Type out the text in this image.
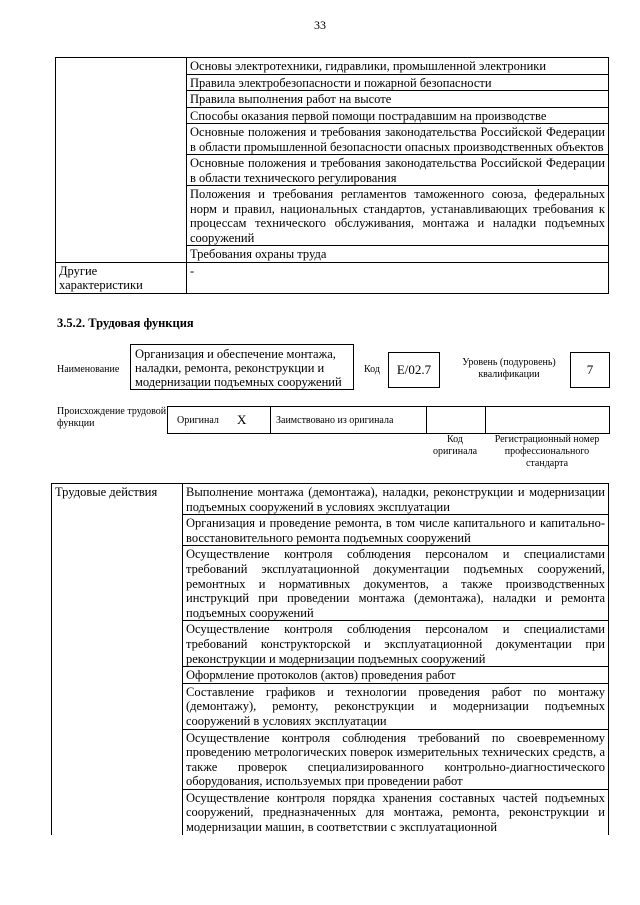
33
	Основы электротехники, гидравлики, промышленной электроники
	Правила электробезопасности и пожарной безопасности
	Правила выполнения работ на высоте
	Способы оказания первой помощи пострадавшим на производстве
	Основные положения и требования законодательства Российской Федерации в области промышленной безопасности опасных производственных объектов
	Основные положения и требования законодательства Российской Федерации в области технического регулирования
	Положения и требования регламентов таможенного союза, федеральных норм и правил, национальных стандартов, устанавливающих требования к процессам технического обслуживания, монтажа и наладки подъемных сооружений
	Требования охраны труда
Другие характеристики	-
3.5.2. Трудовая функция
Наименование
Организация и обеспечение монтажа, наладки, ремонта, реконструкции и модернизации подъемных сооружений
Код	Е/02.7	Уровень (подуровень) квалификации	7
Происхождение трудовой функции	Оригинал X	Заимствовано из оригинала
Код оригинала
Регистрационный номер профессионального стандарта
Трудовые действия	Выполнение монтажа (демонтажа), наладки, реконструкции и модернизации подъемных сооружений в условиях эксплуатации
Организация и проведение ремонта, в том числе капитального и капитально-восстановительного ремонта подъемных сооружений
Осуществление контроля соблюдения персоналом и специалистами требований эксплуатационной документации подъемных сооружений, ремонтных и нормативных документов, а также производственных инструкций при проведении монтажа (демонтажа), наладки и ремонта подъемных сооружений
Осуществление контроля соблюдения персоналом и специалистами требований конструкторской и эксплуатационной документации при реконструкции и модернизации подъемных сооружений
Оформление протоколов (актов) проведения работ
Составление графиков и технологии проведения работ по монтажу (демонтажу), ремонту, реконструкции и модернизации подъемных сооружений в условиях эксплуатации
Осуществление контроля соблюдения требований по своевременному проведению метрологических поверок измерительных технических средств, а также проверок специализированного контрольно-диагностического оборудования, используемых при проведении работ
Осуществление контроля порядка хранения составных частей подъемных сооружений, предназначенных для монтажа, ремонта, реконструкции и модернизации машин, в соответствии с эксплуатационной
